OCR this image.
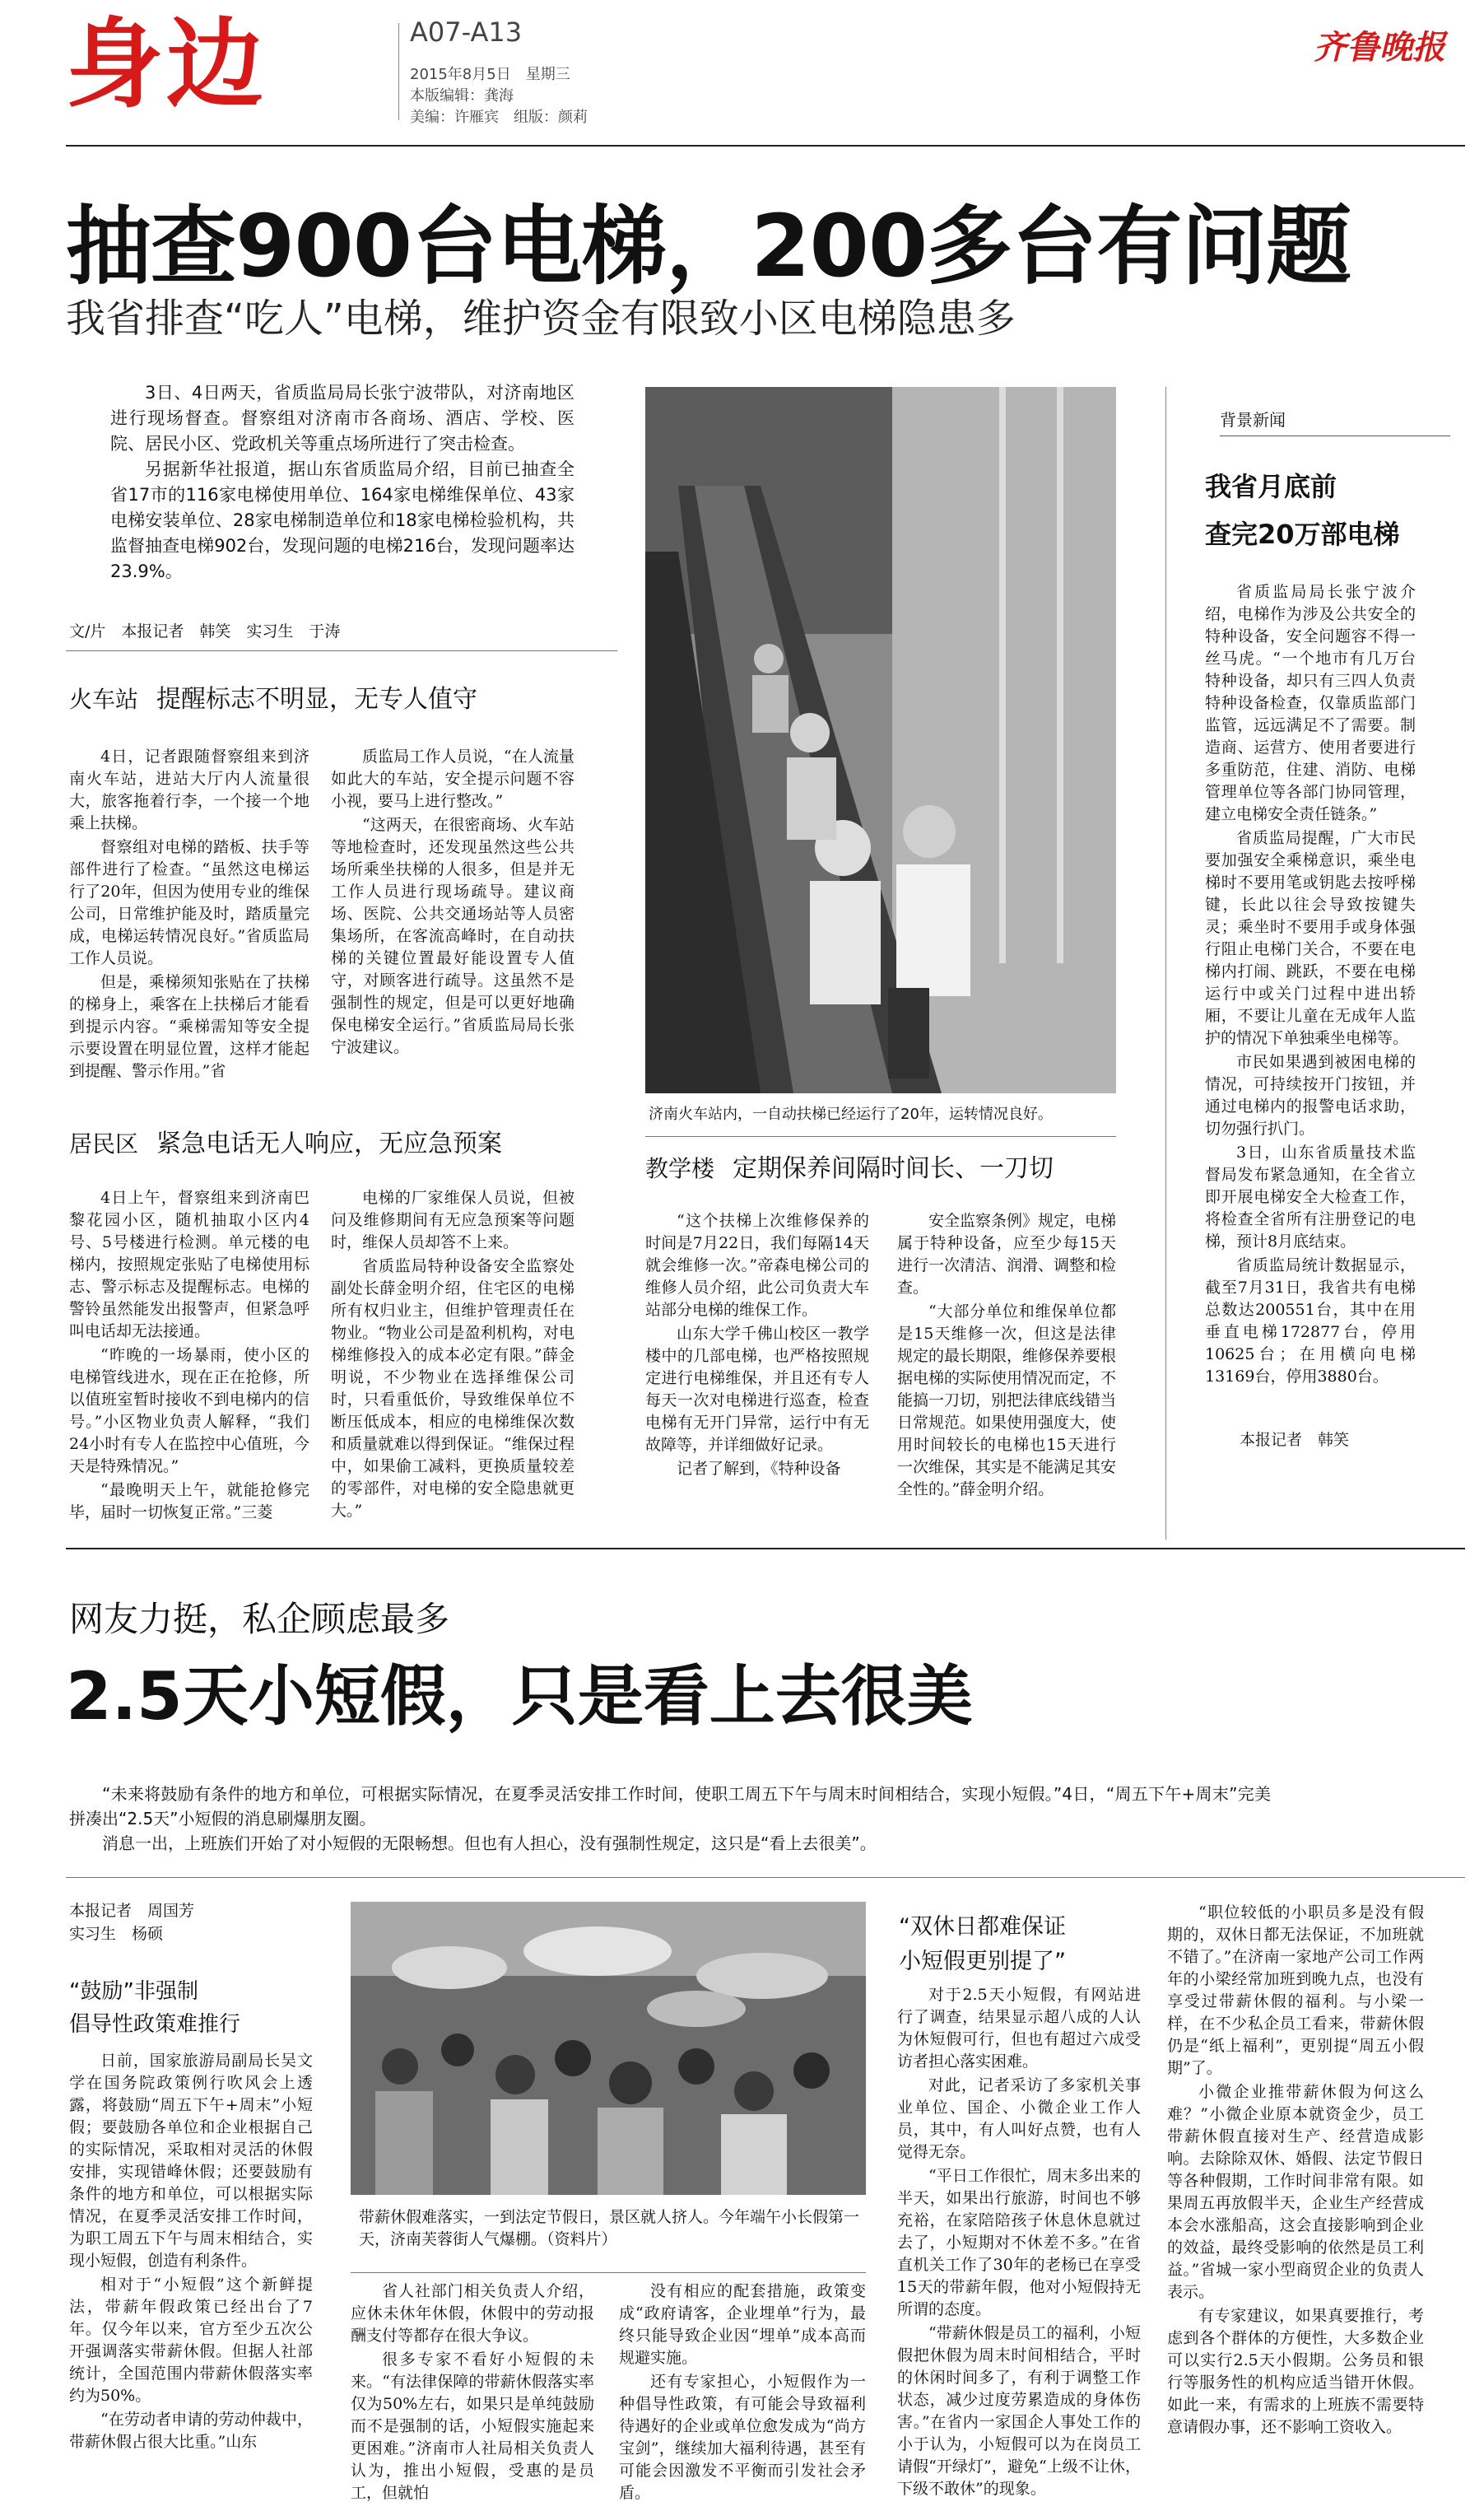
身边	A07-A13
2015年8月5日　星期三
本版编辑：龚海
美编：许雁宾　组版：颜莉
齐鲁晚报
抽查900台电梯，200多台有问题
我省排查“吃人”电梯，维护资金有限致小区电梯隐患多

3日、4日两天，省质监局局长张宁波带队，对济南地区进行现场督查。督察组对济南市各商场、酒店、学校、医院、居民小区、党政机关等重点场所进行了突击检查。

另据新华社报道，据山东省质监局介绍，目前已抽查全省17市的116家电梯使用单位、164家电梯维保单位、43家电梯安装单位、28家电梯制造单位和18家电梯检验机构，共监督抽查电梯902台，发现问题的电梯216台，发现问题率达23.9%。

文/片　本报记者　韩笑　实习生　于涛
火车站 提醒标志不明显，无专人值守

4日，记者跟随督察组来到济南火车站，进站大厅内人流量很大，旅客拖着行李，一个接一个地乘上扶梯。

督察组对电梯的踏板、扶手等部件进行了检查。“虽然这电梯运行了20年，但因为使用专业的维保公司，日常维护能及时，踏质量完成，电梯运转情况良好。”省质监局工作人员说。

但是，乘梯须知张贴在了扶梯的梯身上，乘客在上扶梯后才能看到提示内容。“乘梯需知等安全提示要设置在明显位置，这样才能起到提醒、警示作用。”省

质监局工作人员说，“在人流量如此大的车站，安全提示问题不容小视，要马上进行整改。”

“这两天，在很密商场、火车站等地检查时，还发现虽然这些公共场所乘坐扶梯的人很多，但是并无工作人员进行现场疏导。建议商场、医院、公共交通场站等人员密集场所，在客流高峰时，在自动扶梯的关键位置最好能设置专人值守，对顾客进行疏导。这虽然不是强制性的规定，但是可以更好地确保电梯安全运行。”省质监局局长张宁波建议。

居民区 紧急电话无人响应，无应急预案

4日上午，督察组来到济南巴黎花园小区，随机抽取小区内4号、5号楼进行检测。单元楼的电梯内，按照规定张贴了电梯使用标志、警示标志及提醒标志。电梯的警铃虽然能发出报警声，但紧急呼叫电话却无法接通。

“昨晚的一场暴雨，使小区的电梯管线进水，现在正在抢修，所以值班室暂时接收不到电梯内的信号。”小区物业负责人解释，“我们24小时有专人在监控中心值班，今天是特殊情况。”

“最晚明天上午，就能抢修完毕，届时一切恢复正常。”三菱

电梯的厂家维保人员说，但被问及维修期间有无应急预案等问题时，维保人员却答不上来。

省质监局特种设备安全监察处副处长薛金明介绍，住宅区的电梯所有权归业主，但维护管理责任在物业。“物业公司是盈利机构，对电梯维修投入的成本必定有限。”薛金明说，不少物业在选择维保公司时，只看重低价，导致维保单位不断压低成本，相应的电梯维保次数和质量就难以得到保证。“维保过程中，如果偷工减料，更换质量较差的零部件，对电梯的安全隐患就更大。”

济南火车站内，一自动扶梯已经运行了20年，运转情况良好。
教学楼 定期保养间隔时间长、一刀切

“这个扶梯上次维修保养的时间是7月22日，我们每隔14天就会维修一次。”帝森电梯公司的维修人员介绍，此公司负责大车站部分电梯的维保工作。

山东大学千佛山校区一教学楼中的几部电梯，也严格按照规定进行电梯维保，并且还有专人每天一次对电梯进行巡查，检查电梯有无开门异常，运行中有无故障等，并详细做好记录。

记者了解到，《特种设备

安全监察条例》规定，电梯属于特种设备，应至少每15天进行一次清洁、润滑、调整和检查。

“大部分单位和维保单位都是15天维修一次，但这是法律规定的最长期限，维修保养要根据电梯的实际使用情况而定，不能搞一刀切，别把法律底线错当日常规范。如果使用强度大，使用时间较长的电梯也15天进行一次维保，其实是不能满足其安全性的。”薛金明介绍。

背景新闻
我省月底前
查完20万部电梯

省质监局局长张宁波介绍，电梯作为涉及公共安全的特种设备，安全问题容不得一丝马虎。“一个地市有几万台特种设备，却只有三四人负责特种设备检查，仅靠质监部门监管，远远满足不了需要。制造商、运营方、使用者要进行多重防范，住建、消防、电梯管理单位等各部门协同管理，建立电梯安全责任链条。”

省质监局提醒，广大市民要加强安全乘梯意识，乘坐电梯时不要用笔或钥匙去按呼梯键，长此以往会导致按键失灵；乘坐时不要用手或身体强行阻止电梯门关合，不要在电梯内打闹、跳跃，不要在电梯运行中或关门过程中进出轿厢，不要让儿童在无成年人监护的情况下单独乘坐电梯等。

市民如果遇到被困电梯的情况，可持续按开门按钮，并通过电梯内的报警电话求助，切勿强行扒门。

3日，山东省质量技术监督局发布紧急通知，在全省立即开展电梯安全大检查工作，将检查全省所有注册登记的电梯，预计8月底结束。

省质监局统计数据显示，截至7月31日，我省共有电梯总数达200551台，其中在用垂直电梯172877台，停用10625台；在用横向电梯13169台，停用3880台。

本报记者　韩笑
网友力挺，私企顾虑最多
2.5天小短假，只是看上去很美

“未来将鼓励有条件的地方和单位，可根据实际情况，在夏季灵活安排工作时间，使职工周五下午与周末时间相结合，实现小短假。”4日，“周五下午+周末”完美拼凑出“2.5天”小短假的消息刷爆朋友圈。

消息一出，上班族们开始了对小短假的无限畅想。但也有人担心，没有强制性规定，这只是“看上去很美”。

本报记者　周国芳
实习生　杨硕
“鼓励”非强制
倡导性政策难推行

日前，国家旅游局副局长吴文学在国务院政策例行吹风会上透露，将鼓励“周五下午+周末”小短假；要鼓励各单位和企业根据自己的实际情况，采取相对灵活的休假安排，实现错峰休假；还要鼓励有条件的地方和单位，可以根据实际情况，在夏季灵活安排工作时间，为职工周五下午与周末相结合，实现小短假，创造有利条件。

相对于“小短假”这个新鲜提法，带薪年假政策已经出台了7年。仅今年以来，官方至少五次公开强调落实带薪休假。但据人社部统计，全国范围内带薪休假落实率约为50%。

“在劳动者申请的劳动仲裁中，带薪休假占很大比重。”山东

带薪休假难落实，一到法定节假日，景区就人挤人。今年端午小长假第一天，济南芙蓉街人气爆棚。（资料片）

省人社部门相关负责人介绍，应休未休年休假，休假中的劳动报酬支付等都存在很大争议。

很多专家不看好小短假的未来。“有法律保障的带薪休假落实率仅为50%左右，如果只是单纯鼓励而不是强制的话，小短假实施起来更困难。”济南市人社局相关负责人认为，推出小短假，受惠的是员工，但就怕

没有相应的配套措施，政策变成“政府请客，企业埋单”行为，最终只能导致企业因“埋单”成本高而规避实施。

还有专家担心，小短假作为一种倡导性政策，有可能会导致福利待遇好的企业或单位愈发成为“尚方宝剑”，继续加大福利待遇，甚至有可能会因激发不平衡而引发社会矛盾。

“双休日都难保证
小短假更别提了”

对于2.5天小短假，有网站进行了调查，结果显示超八成的人认为休短假可行，但也有超过六成受访者担心落实困难。

对此，记者采访了多家机关事业单位、国企、小微企业工作人员，其中，有人叫好点赞，也有人觉得无奈。

“平日工作很忙，周末多出来的半天，如果出行旅游，时间也不够充裕，在家陪陪孩子休息休息就过去了，小短期对不休差不多。”在省直机关工作了30年的老杨已在享受15天的带薪年假，他对小短假持无所谓的态度。

“带薪休假是员工的福利，小短假把休假为周末时间相结合，平时的休闲时间多了，有利于调整工作状态，减少过度劳累造成的身体伤害。”在省内一家国企人事处工作的小于认为，小短假可以为在岗员工请假“开绿灯”，避免“上级不让休，下级不敢休”的现象。

“职位较低的小职员多是没有假期的，双休日都无法保证，不加班就不错了。”在济南一家地产公司工作两年的小梁经常加班到晚九点，也没有享受过带薪休假的福利。与小梁一样，在不少私企员工看来，带薪休假仍是“纸上福利”，更别提“周五小假期”了。

小微企业推带薪休假为何这么难？”小微企业原本就资金少，员工带薪休假直接对生产、经营造成影响。去除除双休、婚假、法定节假日等各种假期，工作时间非常有限。如果周五再放假半天，企业生产经营成本会水涨船高，这会直接影响到企业的效益，最终受影响的依然是员工利益。”省城一家小型商贸企业的负责人表示。

有专家建议，如果真要推行，考虑到各个群体的方便性，大多数企业可以实行2.5天小假期。公务员和银行等服务性的机构应适当错开休假。如此一来，有需求的上班族不需要特意请假办事，还不影响工资收入。
